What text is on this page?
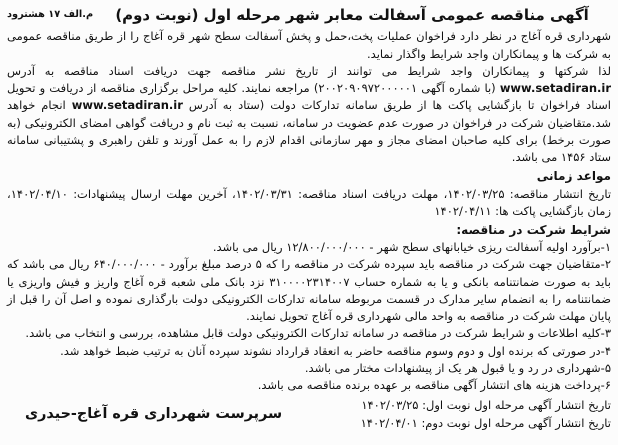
آگهی مناقصه عمومی آسفالت معابر شهر مرحله اول (نوبت دوم)
م.الف ۱۷ هشترود

شهرداری قره آغاج در نظر دارد فراخوان عملیات پخت،حمل و پخش آسفالت سطح شهر قره آغاج را از طریق مناقصه عمومی به شرکت ها و پیمانکاران واجد شرایط واگذار نماید.

لذا شرکتها و پیمانکاران واجد شرایط می توانند از تاریخ نشر مناقصه جهت دریافت اسناد مناقصه به آدرس www.setadiran.ir (با شماره آگهی ۲۰۰۲۰۹۰۹۷۲۰۰۰۰۰۱) مراجعه نمایند. کلیه مراحل برگزاری مناقصه از دریافت و تحویل اسناد فراخوان تا بازگشایی پاکت ها از طریق سامانه تدارکات دولت (ستاد به آدرس www.setadiran.ir انجام خواهد شد.متقاضیان شرکت در فراخوان در صورت عدم عضویت در سامانه، نسبت به ثبت نام و دریافت گواهی امضای الکترونیکی (به صورت برخط) برای کلیه صاحبان امضای مجاز و مهر سازمانی اقدام لازم را به عمل آورند و تلفن راهبری و پشتیبانی سامانه ستاد ۱۴۵۶ می باشد.

مواعد زمانی

تاریخ انتشار مناقصه: ۱۴۰۲/۰۳/۲۵، مهلت دریافت اسناد مناقصه: ۱۴۰۲/۰۳/۳۱، آخرین مهلت ارسال پیشنهادات: ۱۴۰۲/۰۴/۱۰، زمان بازگشایی پاکت ها: ۱۴۰۲/۰۴/۱۱

شرایط شرکت در مناقصه:
۱-برآورد اولیه آسفالت ریزی خیابانهای سطح شهر - ۱۲/۸۰۰/۰۰۰/۰۰۰ ریال می باشد.
۲-متقاضیان جهت شرکت در مناقصه باید سپرده شرکت در مناقصه را که ۵ درصد مبلغ برآورد - ۶۴۰/۰۰۰/۰۰۰ ریال می باشد که باید به صورت ضمانتنامه بانکی و یا به شماره حساب ۳۱۰۰۰۰۲۳۱۴۰۰۷ نزد بانک ملی شعبه قره آغاج واریز و فیش واریزی یا ضمانتنامه را به انضمام سایر مدارک در قسمت مربوطه سامانه تدارکات الکترونیکی دولت بارگذاری نموده و اصل آن را قبل از پایان مهلت شرکت در مناقصه به واحد مالی شهرداری قره آغاج تحویل نمایند.
۳-کلیه اطلاعات و شرایط شرکت در مناقصه در سامانه تدارکات الکترونیکی دولت قابل مشاهده، بررسی و انتخاب می باشد.
۴-در صورتی که برنده اول و دوم وسوم مناقصه حاضر به انعقاد قرارداد نشوند سپرده آنان به ترتیب ضبط خواهد شد.
۵-شهرداری در رد و یا قبول هر یک از پیشنهادات مختار می باشد.
۶-پرداخت هزینه های انتشار آگهی مناقصه بر عهده برنده مناقصه می باشد.
تاریخ انتشار آگهی مرحله اول نوبت اول: ۱۴۰۲/۰۳/۲۵
تاریخ انتشار آگهی مرحله اول نوبت دوم: ۱۴۰۲/۰۴/۰۱
سرپرست شهرداری قره آغاج-حیدری
